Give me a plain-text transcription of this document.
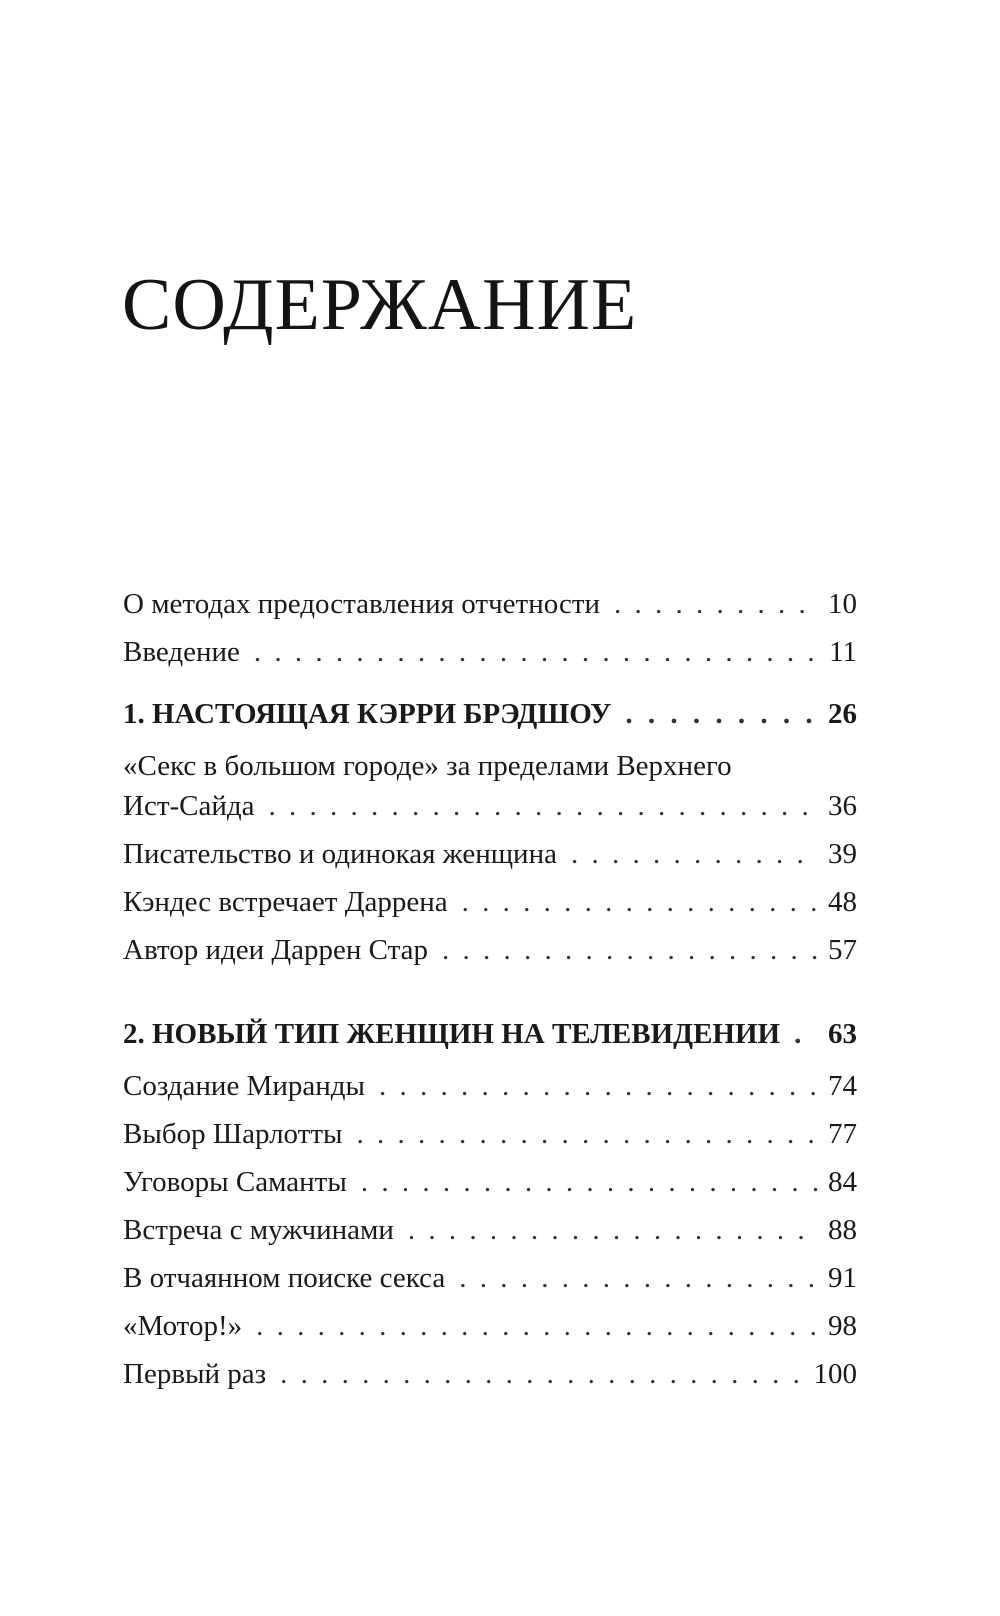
СОДЕРЖАНИЕ
О методах предоставления отчетности . . .	10
Введение . . .	11
1. НАСТОЯЩАЯ КЭРРИ БРЭДШОУ . . .	26
«Секс в большом городе» за пределами Верхнего
Ист-Сайда . . .	36
Писательство и одинокая женщина . . .	39
Кэндес встречает Даррена . . .	48
Автор идеи Даррен Стар . . .	57
2. НОВЫЙ ТИП ЖЕНЩИН НА ТЕЛЕВИДЕНИИ . . . 63
Создание Миранды . . .	74
Выбор Шарлотты . . .	77
Уговоры Саманты . . .	84
Встреча с мужчинами . . .	88
В отчаянном поиске секса . . .	91
«Мотор!» . . .	98
Первый раз . . .	100
